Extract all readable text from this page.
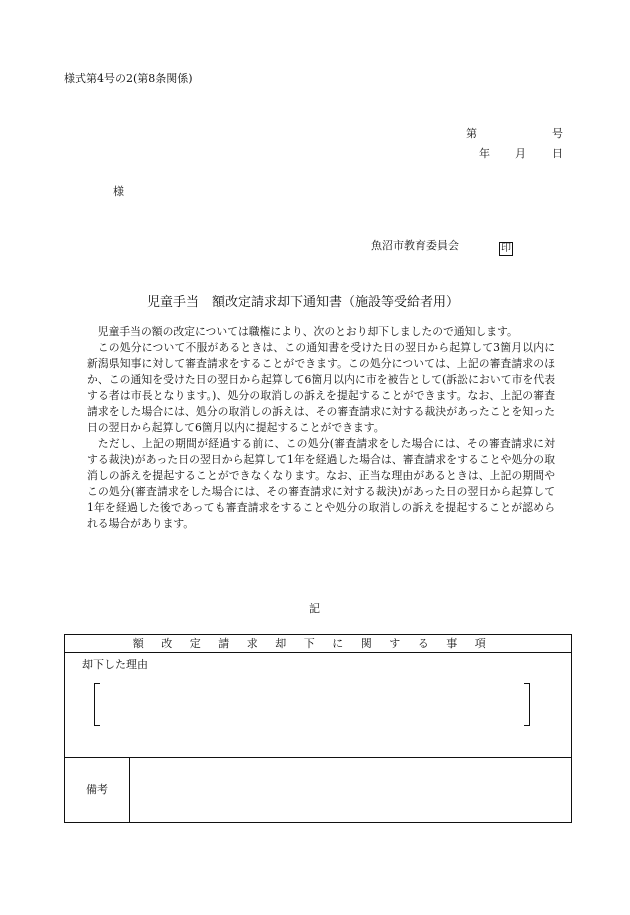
様式第4号の2(第8条関係)
第	号
年 月 日
様
魚沼市教育委員会	印
児童手当　額改定請求却下通知書（施設等受給者用）

児童手当の額の改定については職権により、次のとおり却下しましたので通知します。

この処分について不服があるときは、この通知書を受けた日の翌日から起算して3箇月以内に新潟県知事に対して審査請求をすることができます。この処分については、上記の審査請求のほか、この通知を受けた日の翌日から起算して6箇月以内に市を被告として(訴訟において市を代表する者は市長となります。)、処分の取消しの訴えを提起することができます。なお、上記の審査請求をした場合には、処分の取消しの訴えは、その審査請求に対する裁決があったことを知った日の翌日から起算して6箇月以内に提起することができます。

ただし、上記の期間が経過する前に、この処分(審査請求をした場合には、その審査請求に対する裁決)があった日の翌日から起算して1年を経過した場合は、審査請求をすることや処分の取消しの訴えを提起することができなくなります。なお、正当な理由があるときは、上記の期間やこの処分(審査請求をした場合には、その審査請求に対する裁決)があった日の翌日から起算して1年を経過した後であっても審査請求をすることや処分の取消しの訴えを提起することが認められる場合があります。

記
額改定請求却下に関する事項

却下した理由

備考	
